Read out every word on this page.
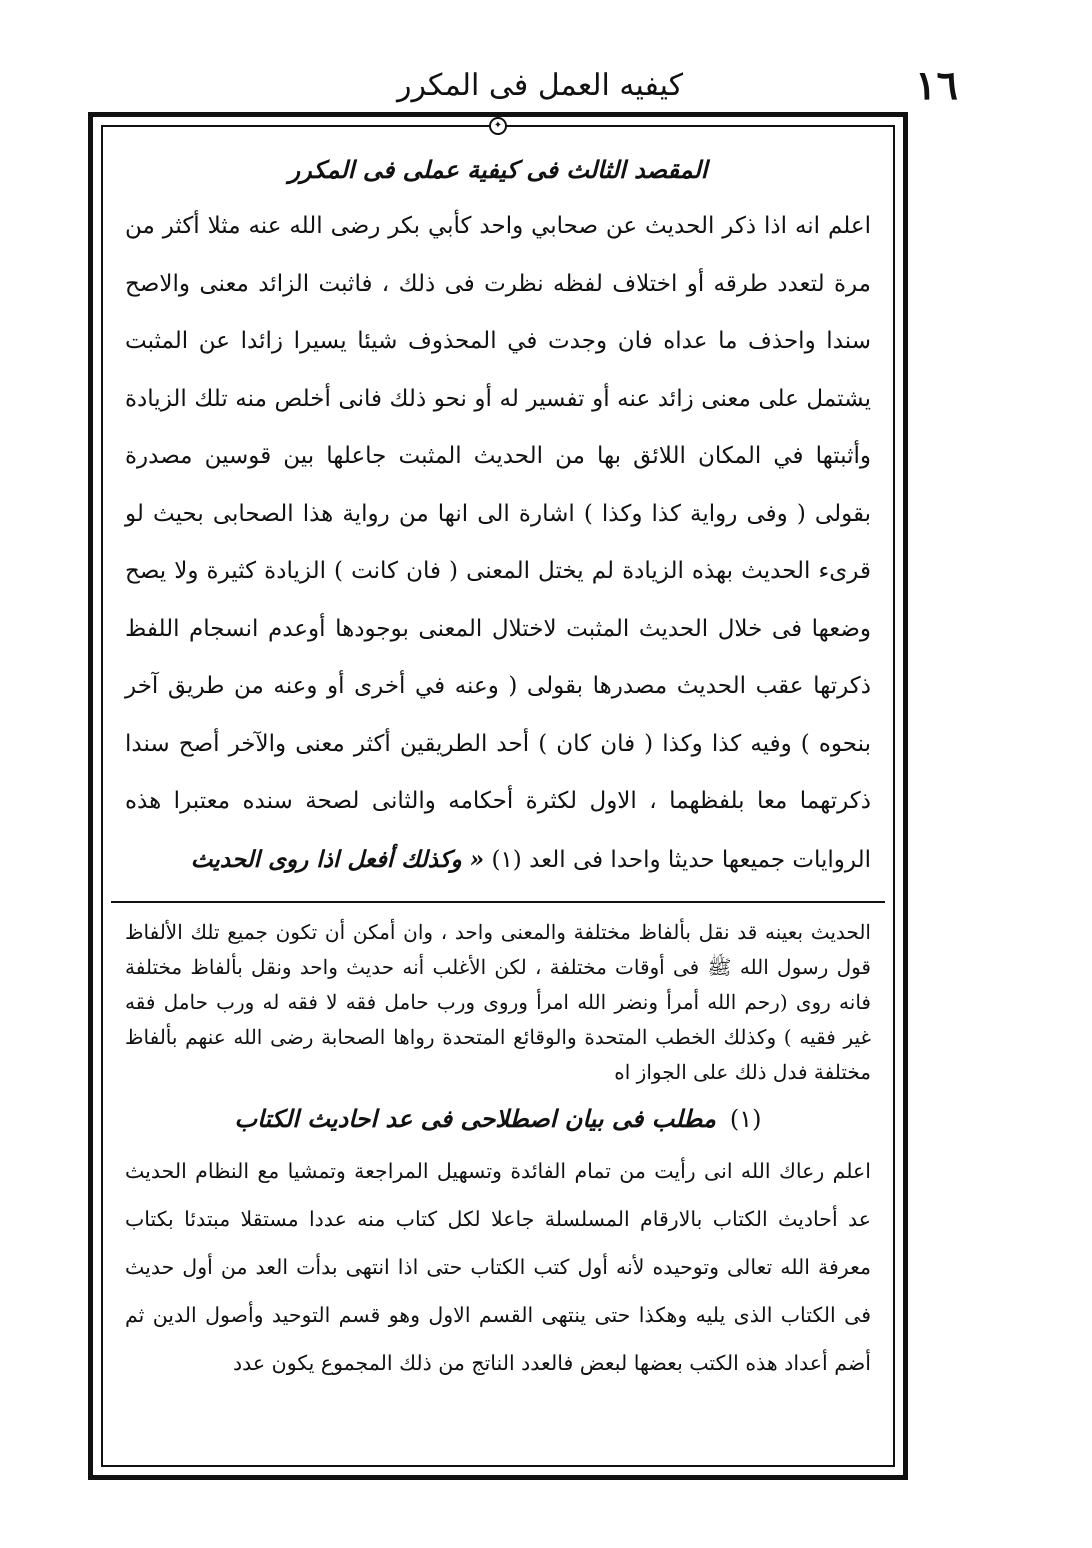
١٦
كيفيه العمل فى المكرر
✦
المقصد الثالث فى كيفية عملى فى المكرر

اعلم انه اذا ذكر الحديث عن صحابي واحد كأبي بكر رضى الله عنه مثلا أكثر من مرة لتعدد طرقه أو اختلاف لفظه نظرت فى ذلك ، فاثبت الزائد معنى والاصح سندا واحذف ما عداه فان وجدت في المحذوف شيئا يسيرا زائدا عن المثبت يشتمل على معنى زائد عنه أو تفسير له أو نحو ذلك فانى أخلص منه تلك الزيادة وأثبتها في المكان اللائق بها من الحديث المثبت جاعلها بين قوسين مصدرة بقولى ( وفى رواية كذا وكذا ) اشارة الى انها من رواية هذا الصحابى بحيث لو قرىء الحديث بهذه الزيادة لم يختل المعنى ( فان كانت ) الزيادة كثيرة ولا يصح وضعها فى خلال الحديث المثبت لاختلال المعنى بوجودها أوعدم انسجام اللفظ ذكرتها عقب الحديث مصدرها بقولى ( وعنه في أخرى أو وعنه من طريق آخر بنحوه ) وفيه كذا وكذا ( فان كان ) أحد الطريقين أكثر معنى والآخر أصح سندا ذكرتهما معا بلفظهما ، الاول لكثرة أحكامه والثانى لصحة سنده معتبرا هذه الروايات جميعها حديثا واحدا فى العد (١) « وكذلك أفعل اذا روى الحديث

الحديث بعينه قد نقل بألفاظ مختلفة والمعنى واحد ، وان أمكن أن تكون جميع تلك الألفاظ قول رسول الله ﷺ فى أوقات مختلفة ، لكن الأغلب أنه حديث واحد ونقل بألفاظ مختلفة فانه روى (رحم الله أمرأ ونضر الله امرأ وروى ورب حامل فقه لا فقه له ورب حامل فقه غير فقيه ) وكذلك الخطب المتحدة والوقائع المتحدة رواها الصحابة رضى الله عنهم بألفاظ مختلفة فدل ذلك على الجواز اه

(١)مطلب فى بيان اصطلاحى فى عد احاديث الكتاب

اعلم رعاك الله انى رأيت من تمام الفائدة وتسهيل المراجعة وتمشيا مع النظام الحديث عد أحاديث الكتاب بالارقام المسلسلة جاعلا لكل كتاب منه عددا مستقلا مبتدئا بكتاب معرفة الله تعالى وتوحيده لأنه أول كتب الكتاب حتى اذا انتهى بدأت العد من أول حديث فى الكتاب الذى يليه وهكذا حتى ينتهى القسم الاول وهو قسم التوحيد وأصول الدين ثم أضم أعداد هذه الكتب بعضها لبعض فالعدد الناتج من ذلك المجموع يكون عدد
